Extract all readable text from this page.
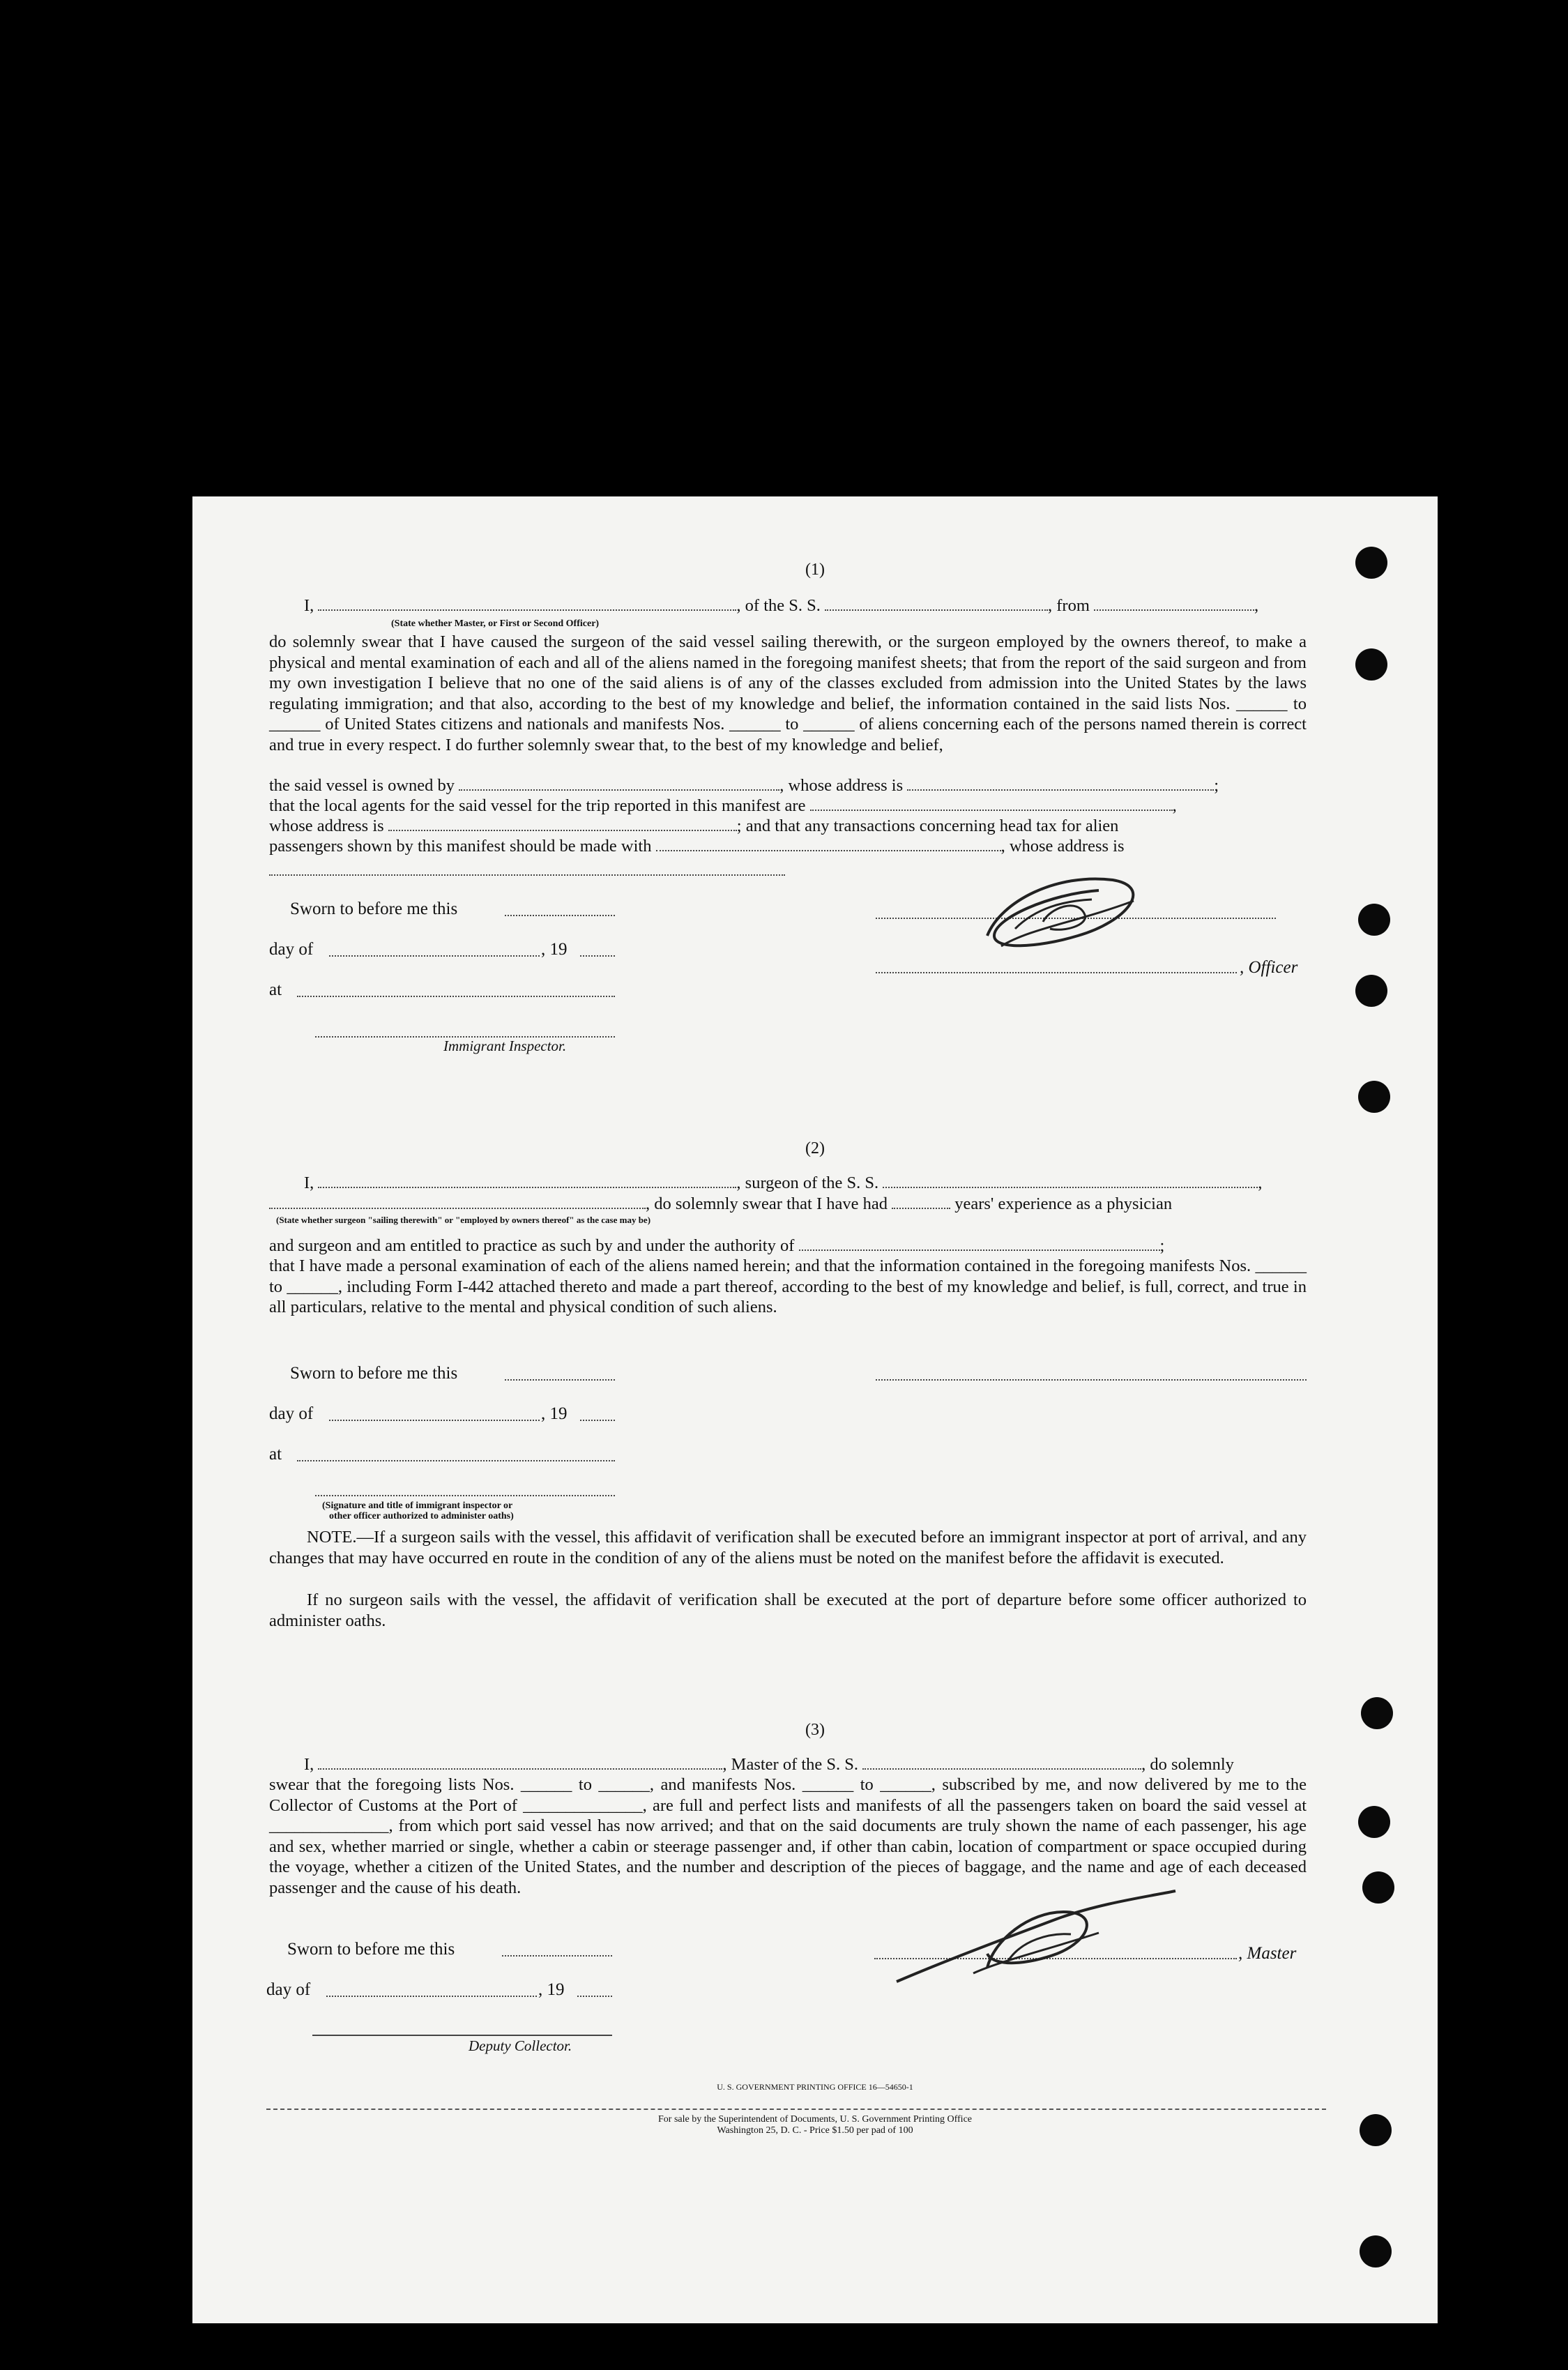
(1)
I,	, of the S. S.	, from	,
(State whether Master, or First or Second Officer)
do solemnly swear that I have caused the surgeon of the said vessel sailing therewith, or the surgeon employed by the owners thereof, to make a physical and mental examination of each and all of the aliens named in the foregoing manifest sheets; that from the report of the said surgeon and from my own investigation I believe that no one of the said aliens is of any of the classes excluded from admission into the United States by the laws regulating immigration; and that also, according to the best of my knowledge and belief, the information contained in the said lists Nos. ______ to ______ of United States citizens and nationals and manifests Nos. ______ to ______ of aliens concerning each of the persons named therein is correct and true in every respect. I do further solemnly swear that, to the best of my knowledge and belief,
the said vessel is owned by	, whose address is	;
that the local agents for the said vessel for the trip reported in this manifest are	,
whose address is	; and that any transactions concerning head tax for alien
passengers shown by this manifest should be made with	, whose address is
Sworn to before me this
day of	, 19
at
Immigrant Inspector.
, Officer
(2)
I,	, surgeon of the S. S.	,
, do solemnly swear that I have had	years' experience as a physician
(State whether surgeon "sailing therewith" or "employed by owners thereof" as the case may be)
and surgeon and am entitled to practice as such by and under the authority of	;
that I have made a personal examination of each of the aliens named herein; and that the information contained in the foregoing manifests Nos. ______ to ______, including Form I-442 attached thereto and made a part thereof, according to the best of my knowledge and belief, is full, correct, and true in all particulars, relative to the mental and physical condition of such aliens.
Sworn to before me this
day of	, 19
at
(Signature and title of immigrant inspector or
other officer authorized to administer oaths)
NOTE.—If a surgeon sails with the vessel, this affidavit of verification shall be executed before an immigrant inspector at port of arrival, and any changes that may have occurred en route in the condition of any of the aliens must be noted on the manifest before the affidavit is executed.
If no surgeon sails with the vessel, the affidavit of verification shall be executed at the port of departure before some officer authorized to administer oaths.
(3)
I,	, Master of the S. S.	, do solemnly
swear that the foregoing lists Nos. ______ to ______, and manifests Nos. ______ to ______, subscribed by me, and now delivered by me to the Collector of Customs at the Port of ______________, are full and perfect lists and manifests of all the passengers taken on board the said vessel at ______________, from which port said vessel has now arrived; and that on the said documents are truly shown the name of each passenger, his age and sex, whether married or single, whether a cabin or steerage passenger and, if other than cabin, location of compartment or space occupied during the voyage, whether a citizen of the United States, and the number and description of the pieces of baggage, and the name and age of each deceased passenger and the cause of his death.
Sworn to before me this
day of	, 19
Deputy Collector.
, Master
U. S. GOVERNMENT PRINTING OFFICE 16—54650-1
For sale by the Superintendent of Documents, U. S. Government Printing Office
Washington 25, D. C. - Price $1.50 per pad of 100
